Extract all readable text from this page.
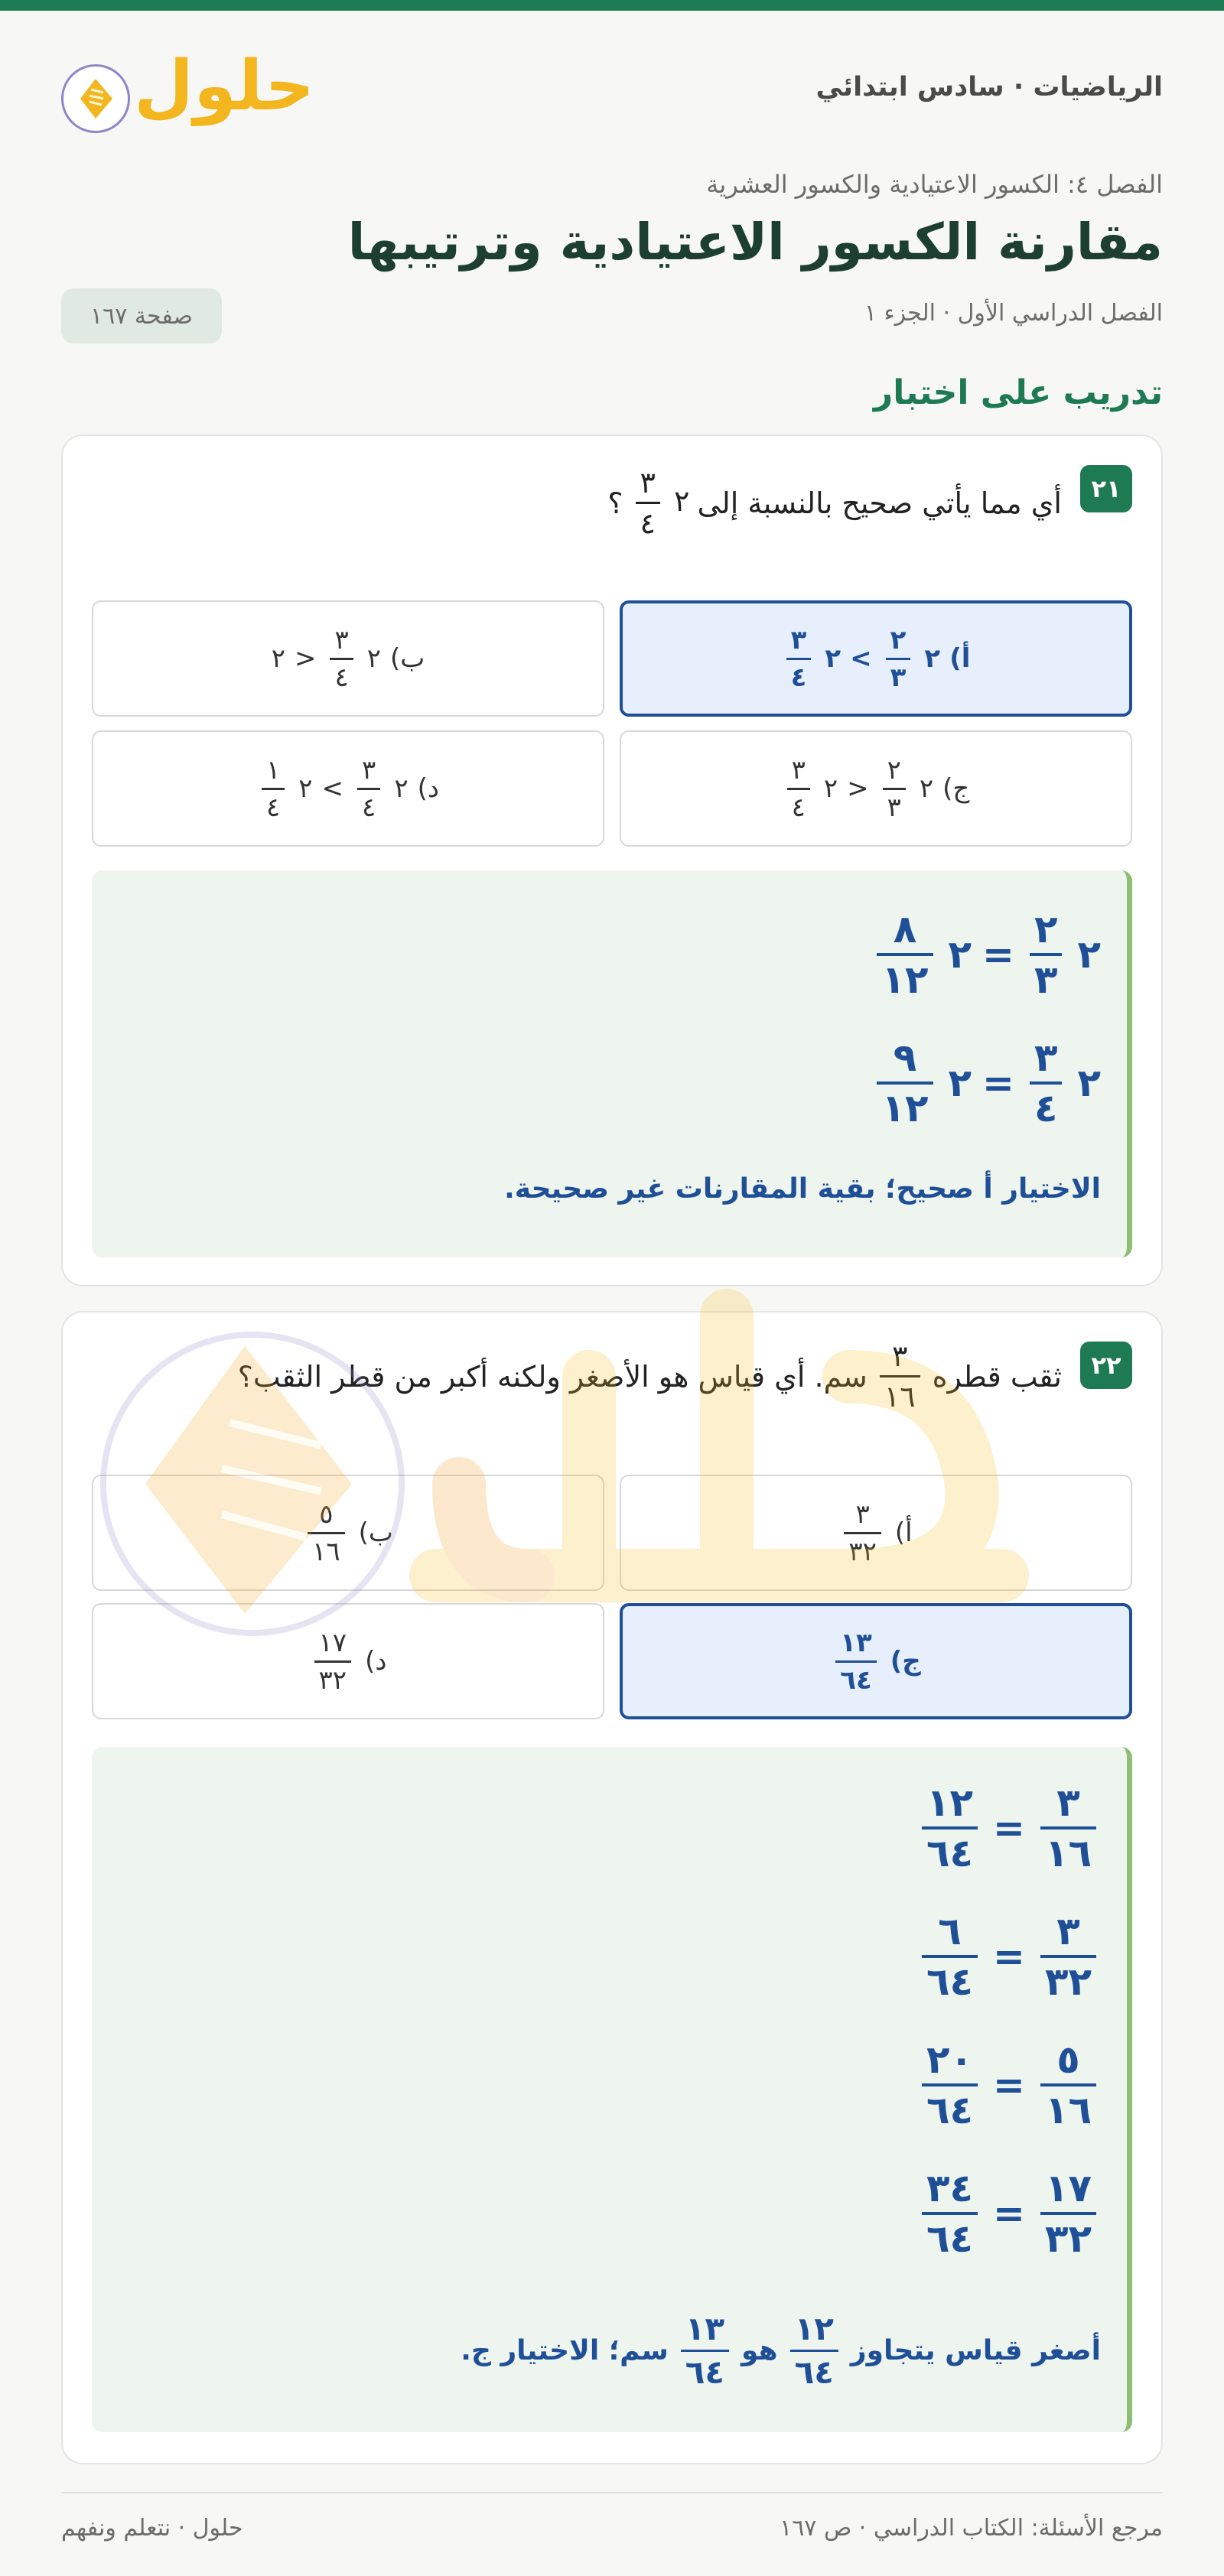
الرياضيات · سادس ابتدائي
حلول
الفصل ٤: الكسور الاعتيادية والكسور العشرية
مقارنة الكسور الاعتيادية وترتيبها
الفصل الدراسي الأول · الجزء ١
صفحة ١٦٧
تدريب على اختبار
٢١
أي مما يأتي صحيح بالنسبة إلى
٢
$\frac{٣}{٤}$
؟
أ)
٢
$\frac{٢}{٣}$
>
٢
$\frac{٣}{٤}$
ب)
٢
$\frac{٣}{٤}$
<
٢
ج)
٢
$\frac{٢}{٣}$
<
٢
$\frac{٣}{٤}$
د)
٢
$\frac{٣}{٤}$
>
٢
$\frac{١}{٤}$
٢
$\frac{٢}{٣}$
=
٢
$\frac{٨}{١٢}$
٢
$\frac{٣}{٤}$
=
٢
$\frac{٩}{١٢}$
الاختيار أ صحيح؛ بقية المقارنات غير صحيحة.
٢٢
ثقب قطره
$\frac{٣}{١٦}$
سم. أي قياس هو الأصغر ولكنه أكبر من قطر الثقب؟
أ)
$\frac{٣}{٣٢}$
ب)
$\frac{٥}{١٦}$
ج)
$\frac{١٣}{٦٤}$
د)
$\frac{١٧}{٣٢}$
$\frac{٣}{١٦}$
=
$\frac{١٢}{٦٤}$
$\frac{٣}{٣٢}$
=
$\frac{٦}{٦٤}$
$\frac{٥}{١٦}$
=
$\frac{٢٠}{٦٤}$
$\frac{١٧}{٣٢}$
=
$\frac{٣٤}{٦٤}$
أصغر قياس يتجاوز
$\frac{١٢}{٦٤}$
هو
$\frac{١٣}{٦٤}$
سم؛ الاختيار ج.
مرجع الأسئلة: الكتاب الدراسي · ص ١٦٧
حلول · نتعلم ونفهم
